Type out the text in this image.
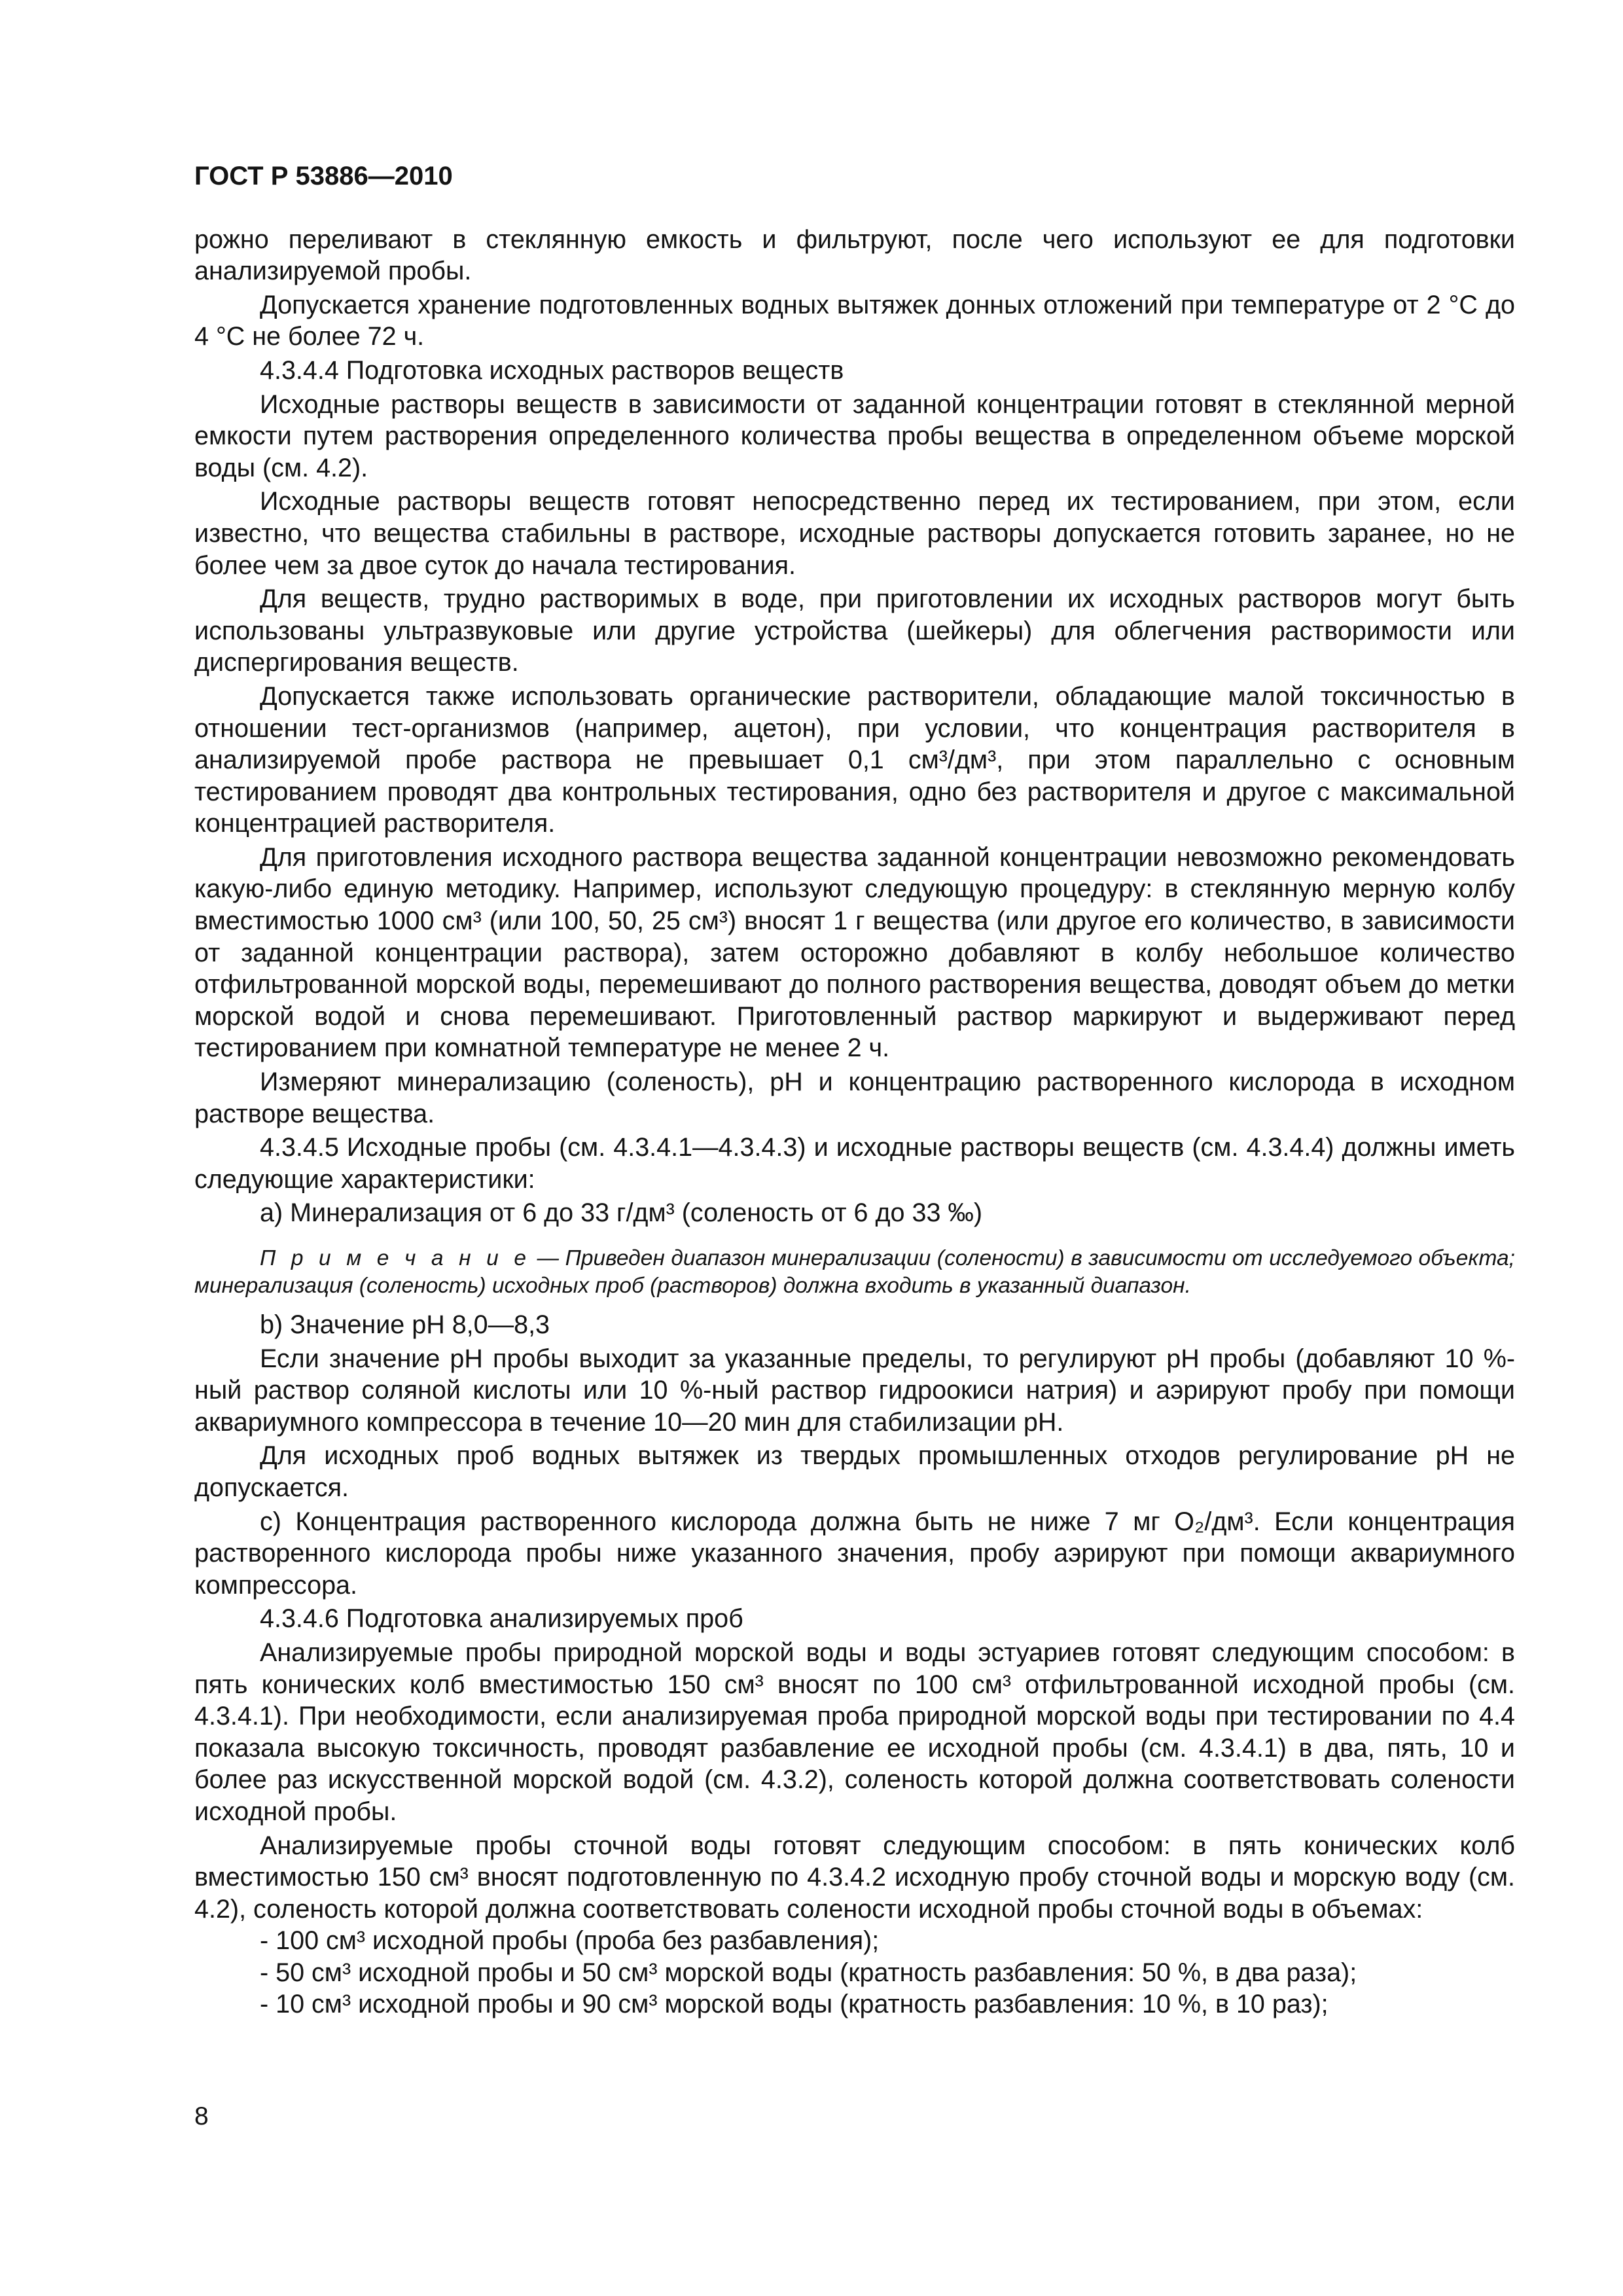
ГОСТ Р 53886—2010

рожно переливают в стеклянную емкость и фильтруют, после чего используют ее для подготовки анализируемой пробы.

Допускается хранение подготовленных водных вытяжек донных отложений при температуре от 2 °С до 4 °С не более 72 ч.

4.3.4.4 Подготовка исходных растворов веществ

Исходные растворы веществ в зависимости от заданной концентрации готовят в стеклянной мерной емкости путем растворения определенного количества пробы вещества в определенном объеме морской воды (см. 4.2).

Исходные растворы веществ готовят непосредственно перед их тестированием, при этом, если известно, что вещества стабильны в растворе, исходные растворы допускается готовить заранее, но не более чем за двое суток до начала тестирования.

Для веществ, трудно растворимых в воде, при приготовлении их исходных растворов могут быть использованы ультразвуковые или другие устройства (шейкеры) для облегчения растворимости или диспергирования веществ.

Допускается также использовать органические растворители, обладающие малой токсичностью в отношении тест-организмов (например, ацетон), при условии, что концентрация растворителя в анализируемой пробе раствора не превышает 0,1 см³/дм³, при этом параллельно с основным тестированием проводят два контрольных тестирования, одно без растворителя и другое с максимальной концентрацией растворителя.

Для приготовления исходного раствора вещества заданной концентрации невозможно рекомендовать какую-либо единую методику. Например, используют следующую процедуру: в стеклянную мерную колбу вместимостью 1000 см³ (или 100, 50, 25 см³) вносят 1 г вещества (или другое его количество, в зависимости от заданной концентрации раствора), затем осторожно добавляют в колбу небольшое количество отфильтрованной морской воды, перемешивают до полного растворения вещества, доводят объем до метки морской водой и снова перемешивают. Приготовленный раствор маркируют и выдерживают перед тестированием при комнатной температуре не менее 2 ч.

Измеряют минерализацию (соленость), рН и концентрацию растворенного кислорода в исходном растворе вещества.

4.3.4.5 Исходные пробы (см. 4.3.4.1—4.3.4.3) и исходные растворы веществ (см. 4.3.4.4) должны иметь следующие характеристики:

a) Минерализация от 6 до 33 г/дм³ (соленость от 6 до 33 ‰)

П р и м е ч а н и е — Приведен диапазон минерализации (солености) в зависимости от исследуемого объекта; минерализация (соленость) исходных проб (растворов) должна входить в указанный диапазон.

b) Значение рН 8,0—8,3

Если значение рН пробы выходит за указанные пределы, то регулируют рН пробы (добавляют 10 %-ный раствор соляной кислоты или 10 %-ный раствор гидроокиси натрия) и аэрируют пробу при помощи аквариумного компрессора в течение 10—20 мин для стабилизации рН.

Для исходных проб водных вытяжек из твердых промышленных отходов регулирование рН не допускается.

c) Концентрация растворенного кислорода должна быть не ниже 7 мг O₂/дм³. Если концентрация растворенного кислорода пробы ниже указанного значения, пробу аэрируют при помощи аквариумного компрессора.

4.3.4.6 Подготовка анализируемых проб

Анализируемые пробы природной морской воды и воды эстуариев готовят следующим способом: в пять конических колб вместимостью 150 см³ вносят по 100 см³ отфильтрованной исходной пробы (см. 4.3.4.1). При необходимости, если анализируемая проба природной морской воды при тестировании по 4.4 показала высокую токсичность, проводят разбавление ее исходной пробы (см. 4.3.4.1) в два, пять, 10 и более раз искусственной морской водой (см. 4.3.2), соленость которой должна соответствовать солености исходной пробы.

Анализируемые пробы сточной воды готовят следующим способом: в пять конических колб вместимостью 150 см³ вносят подготовленную по 4.3.4.2 исходную пробу сточной воды и морскую воду (см. 4.2), соленость которой должна соответствовать солености исходной пробы сточной воды в объемах:

- 100 см³ исходной пробы (проба без разбавления);

- 50 см³ исходной пробы и 50 см³ морской воды (кратность разбавления: 50 %, в два раза);

- 10 см³ исходной пробы и 90 см³ морской воды (кратность разбавления: 10 %, в 10 раз);

8
